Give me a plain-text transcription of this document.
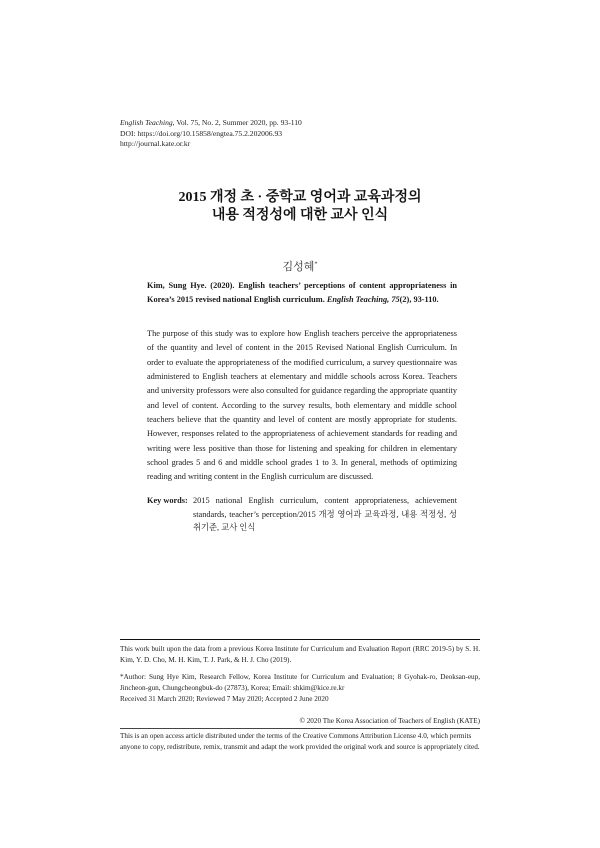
English Teaching, Vol. 75, No. 2, Summer 2020, pp. 93-110
DOI: https://doi.org/10.15858/engtea.75.2.202006.93
http://journal.kate.or.kr
2015 개정 초 · 중학교 영어과 교육과정의
내용 적정성에 대한 교사 인식
김성혜*
Kim, Sung Hye. (2020). English teachers’ perceptions of content appropriateness in Korea’s 2015 revised national English curriculum. English Teaching, 75(2), 93-110.
The purpose of this study was to explore how English teachers perceive the appropriateness of the quantity and level of content in the 2015 Revised National English Curriculum. In order to evaluate the appropriateness of the modified curriculum, a survey questionnaire was administered to English teachers at elementary and middle schools across Korea. Teachers and university professors were also consulted for guidance regarding the appropriate quantity and level of content. According to the survey results, both elementary and middle school teachers believe that the quantity and level of content are mostly appropriate for students. However, responses related to the appropriateness of achievement standards for reading and writing were less positive than those for listening and speaking for children in elementary school grades 5 and 6 and middle school grades 1 to 3. In general, methods of optimizing reading and writing content in the English curriculum are discussed.
Key words: 2015 national English curriculum, content appropriateness, achievement standards, teacher’s perception/2015 개정 영어과 교육과정, 내용 적정성, 성취기준, 교사 인식
This work built upon the data from a previous Korea Institute for Curriculum and Evaluation Report (RRC 2019-5) by S. H. Kim, Y. D. Cho, M. H. Kim, T. J. Park, & H. J. Cho (2019).
*Author: Sung Hye Kim, Research Fellow, Korea Institute for Curriculum and Evaluation; 8 Gyohak-ro, Deoksan-eup, Jincheon-gun, Chungcheongbuk-do (27873), Korea; Email: shkim@kice.re.kr
Received 31 March 2020; Reviewed 7 May 2020; Accepted 2 June 2020
© 2020 The Korea Association of Teachers of English (KATE)
This is an open access article distributed under the terms of the Creative Commons Attribution License 4.0, which permits anyone to copy, redistribute, remix, transmit and adapt the work provided the original work and source is appropriately cited.
